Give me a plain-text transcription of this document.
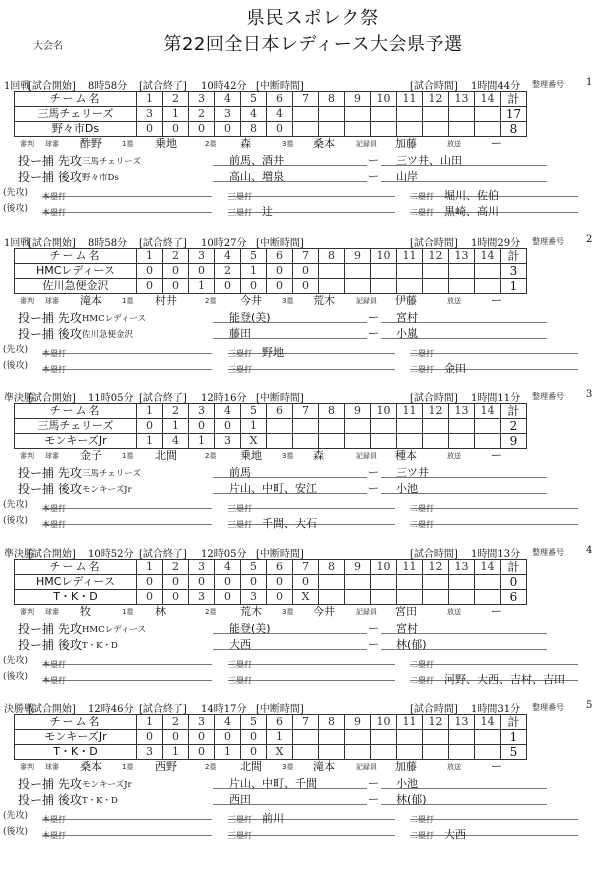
県民スポレク祭
大会名	第22回全日本レディース大会県予選
1回戦
[試合開始] 8時58分 [試合終了] 10時42分 [中断時間]	[試合時間] 1時間44分 整理番号 1
チーム名	1	2	3	4	5	6	7	8	9	10	11	12	13	14	計
三馬チェリーズ	3	1	2	3	4	4									17
野々市Ds	0	0	0	0	8	0									8
審判 球審 酢野	1塁 乗地	2塁 森	3塁 桑本	記録員 加藤	放送	ー
投ー捕 先攻 三馬チェリーズ	前馬、酒井	ー	三ツ井、山田
投ー捕 後攻 野々市Ds	高山、増泉	ー	山岸
(先攻) 本塁打	三塁打	二塁打 堀川、佐伯
(後攻) 本塁打	三塁打 辻	二塁打 黒崎、高川
1回戦
[試合開始] 8時58分 [試合終了] 10時27分 [中断時間]	[試合時間] 1時間29分 整理番号 2
チーム名	1	2	3	4	5	6	7	8	9	10	11	12	13	14	計
HMCレディース	0	0	0	2	1	0	0								3
佐川急便金沢	0	0	1	0	0	0	0								1
審判 球審 滝本	1塁 村井	2塁 今井	3塁 荒木	記録員 伊藤	放送	ー
投ー捕 先攻 HMCレディース	能登(美)	ー	宮村
投ー捕 後攻 佐川急便金沢	藤田	ー	小嵐
(先攻) 本塁打	三塁打 野地	二塁打
(後攻) 本塁打	三塁打	二塁打 金田
準決勝
[試合開始] 11時05分 [試合終了] 12時16分 [中断時間]	[試合時間] 1時間11分 整理番号 3
チーム名	1	2	3	4	5	6	7	8	9	10	11	12	13	14	計
三馬チェリーズ	0	1	0	0	1										2
モンキーズJr	1	4	1	3	X										9
審判 球審 金子	1塁 北間	2塁 乗地	3塁 森	記録員 種本	放送	ー
投ー捕 先攻 三馬チェリーズ	前馬	ー	三ツ井
投ー捕 後攻 モンキーズJr	片山、中町、安江	ー	小池
(先攻) 本塁打	三塁打	二塁打
(後攻) 本塁打	三塁打 千間、大石	二塁打
準決勝
[試合開始] 10時52分 [試合終了] 12時05分 [中断時間]	[試合時間] 1時間13分 整理番号 4
チーム名	1	2	3	4	5	6	7	8	9	10	11	12	13	14	計
HMCレディース	0	0	0	0	0	0	0								0
T・K・D	0	0	3	0	3	0	X								6
審判 球審 牧	1塁 林	2塁 荒木	3塁 今井	記録員 宮田	放送	ー
投ー捕 先攻 HMCレディース	能登(美)	ー	宮村
投ー捕 後攻 T・K・D	大西	ー	林(郁)
(先攻) 本塁打	三塁打	二塁打
(後攻) 本塁打	三塁打	二塁打 河野、大西、吉村、吉田
決勝戦
[試合開始] 12時46分 [試合終了] 14時17分 [中断時間]	[試合時間] 1時間31分 整理番号 5
チーム名	1	2	3	4	5	6	7	8	9	10	11	12	13	14	計
モンキーズJr	0	0	0	0	0	1									1
T・K・D	3	1	0	1	0	X									5
審判 球審 桑本	1塁 西野	2塁 北間	3塁 滝本	記録員 加藤	放送	ー
投ー捕 先攻 モンキーズJr	片山、中町、千間	ー	小池
投ー捕 後攻 T・K・D	西田	ー	林(郁)
(先攻) 本塁打	三塁打 前川	二塁打
(後攻) 本塁打	三塁打	二塁打 大西
